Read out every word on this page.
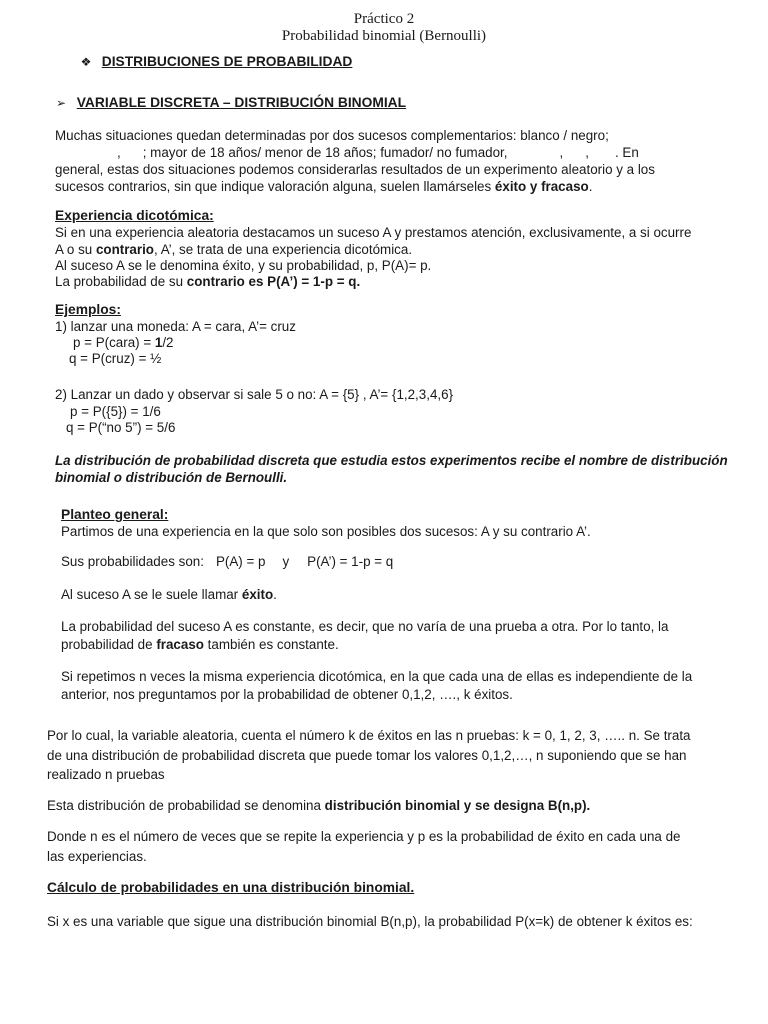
Práctico 2
Probabilidad binomial (Bernoulli)
❖ DISTRIBUCIONES DE PROBABILIDAD
➢ VARIABLE DISCRETA – DISTRIBUCIÓN BINOMIAL
Muchas situaciones quedan determinadas por dos sucesos complementarios: blanco / negro;
, ; mayor de 18 años/ menor de 18 años; fumador/ no fumador,	, , . En
general, estas dos situaciones podemos considerarlas resultados de un experimento aleatorio y a los
sucesos contrarios, sin que indique valoración alguna, suelen llamárseles éxito y fracaso.
Experiencia dicotómica:
Si en una experiencia aleatoria destacamos un suceso A y prestamos atención, exclusivamente, a si ocurre
A o su contrario, A’, se trata de una experiencia dicotómica.
Al suceso A se le denomina éxito, y su probabilidad, p, P(A)= p.
La probabilidad de su contrario es P(A’) = 1-p = q.
Ejemplos:
1) lanzar una moneda: A = cara, A’= cruz
p = P(cara) = 1/2
q = P(cruz) = ½
2) Lanzar un dado y observar si sale 5 o no: A = {5} , A’= {1,2,3,4,6}
p = P({5}) = 1/6
q = P(“no 5”) = 5/6
La distribución de probabilidad discreta que estudia estos experimentos recibe el nombre de distribución
binomial o distribución de Bernoulli.
Planteo general:
Partimos de una experiencia en la que solo son posibles dos sucesos: A y su contrario A’.
Sus probabilidades son: P(A) = p y P(A’) = 1-p = q
Al suceso A se le suele llamar éxito.
La probabilidad del suceso A es constante, es decir, que no varía de una prueba a otra. Por lo tanto, la
probabilidad de fracaso también es constante.
Si repetimos n veces la misma experiencia dicotómica, en la que cada una de ellas es independiente de la
anterior, nos preguntamos por la probabilidad de obtener 0,1,2, …., k éxitos.
Por lo cual, la variable aleatoria, cuenta el número k de éxitos en las n pruebas: k = 0, 1, 2, 3, ….. n. Se trata
de una distribución de probabilidad discreta que puede tomar los valores 0,1,2,…, n suponiendo que se han
realizado n pruebas
Esta distribución de probabilidad se denomina distribución binomial y se designa B(n,p).
Donde n es el número de veces que se repite la experiencia y p es la probabilidad de éxito en cada una de
las experiencias.
Cálculo de probabilidades en una distribución binomial.
Si x es una variable que sigue una distribución binomial B(n,p), la probabilidad P(x=k) de obtener k éxitos es:
